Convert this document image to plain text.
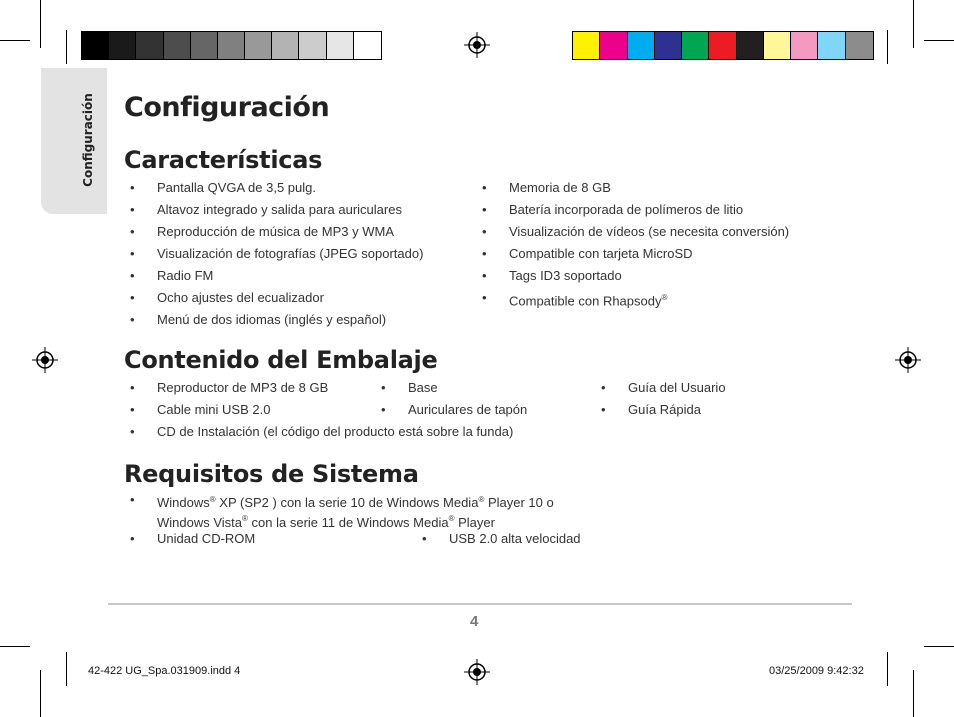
Configuración Configuración
Características
• Pantalla QVGA de 3,5 pulg.
• Altavoz integrado y salida para auriculares
• Reproducción de música de MP3 y WMA
• Visualización de fotografías (JPEG soportado)
• Radio FM
• Ocho ajustes del ecualizador
• Menú de dos idiomas (inglés y español)
• Memoria de 8 GB
• Batería incorporada de polímeros de litio
• Visualización de vídeos (se necesita conversión)
• Compatible con tarjeta MicroSD
• Tags ID3 soportado
• Compatible con Rhapsody®
Contenido del Embalaje
• Reproductor de MP3 de 8 GB
• Cable mini USB 2.0
• CD de Instalación (el código del producto está sobre la funda)
• Base
• Auriculares de tapón
• Guía del Usuario
• Guía Rápida
Requisitos de Sistema
• Windows® XP (SP2 ) con la serie 10 de Windows Media® Player 10 o
Windows Vista® con la serie 11 de Windows Media® Player
• Unidad CD-ROM
•	USB 2.0 alta velocidad
4
42-422 UG_Spa.031909.indd 4	03/25/2009 9:42:32
